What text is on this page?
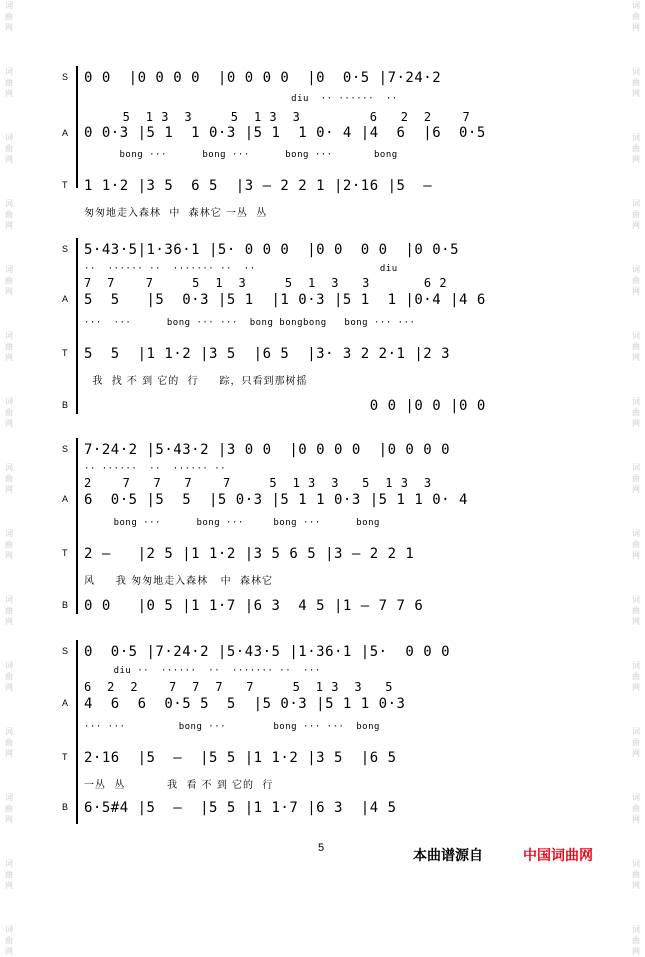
词
曲
网

词
曲
网

词
曲
网

词
曲
网

词
曲
网

词
曲
网

词
曲
网

词
曲
网

词
曲
网

词
曲
网

词
曲
网

词
曲
网

词
曲
网

词
曲
网

词
曲
网
词
曲
网

词
曲
网

词
曲
网

词
曲
网

词
曲
网

词
曲
网

词
曲
网

词
曲
网

词
曲
网

词
曲
网

词
曲
网

词
曲
网

词
曲
网

词
曲
网

词
曲
网
S 0 0  |0 0 0 0  |0 0 0 0  |0  0·5 |7·24·2
diu  ·· ······  ··
5  1 3  3     5  1 3  3         6   2  2    7
A 0 0·3 |5 1  1 0·3 |5 1  1 0· 4 |4  6  |6  0·5
bong ···      bong ···      bong ···       bong
T 1 1·2 |3 5  6 5  |3 – 2 2 1 |2·16 |5  –
匆匆地走入森林  中  森林它 一丛  丛
S 5·43·5|1·36·1 |5· 0 0 0  |0 0  0 0  |0 0·5
··  ······ ··  ······· ··  ··                     diu
7  7    7     5  1  3     5  1  3   3       6 2
A 5  5   |5  0·3 |5 1  |1 0·3 |5 1  1 |0·4 |4 6
···  ···      bong ··· ···  bong bongbong   bong ··· ···
T 5  5  |1 1·2 |3 5  |6 5  |3· 3 2 2·1 |2 3
我  找 不 到 它的  行     踪，只看到那树摇
B 0 0 |0 0 |0 0
S 7·24·2 |5·43·2 |3 0 0  |0 0 0 0  |0 0 0 0
·· ······  ··  ······ ··
2    7   7   7    7     5  1 3  3   5  1 3  3
A 6  0·5 |5  5  |5 0·3 |5 1 1 0·3 |5 1 1 0· 4
bong ···      bong ···     bong ···      bong
T 2 –   |2 5 |1 1·2 |3 5 6 5 |3 – 2 2 1
风     我 匆匆地走入森林   中  森林它
B 0 0   |0 5 |1 1·7 |6 3  4 5 |1 – 7 7 6
S 0  0·5 |7·24·2 |5·43·5 |1·36·1 |5·  0 0 0
diu ··  ······  ··  ······· ··  ···
6  2  2    7  7  7   7     5  1 3  3   5
A 4  6  6  0·5 5  5  |5 0·3 |5 1 1 0·3
··· ···         bong ···        bong ··· ···  bong
T 2·16  |5  –  |5 5 |1 1·2 |3 5  |6 5
一丛  丛          我  看 不 到 它的  行
B 6·5#4 |5  –  |5 5 |1 1·7 |6 3  |4 5
5	本曲谱源自	中国词曲网
